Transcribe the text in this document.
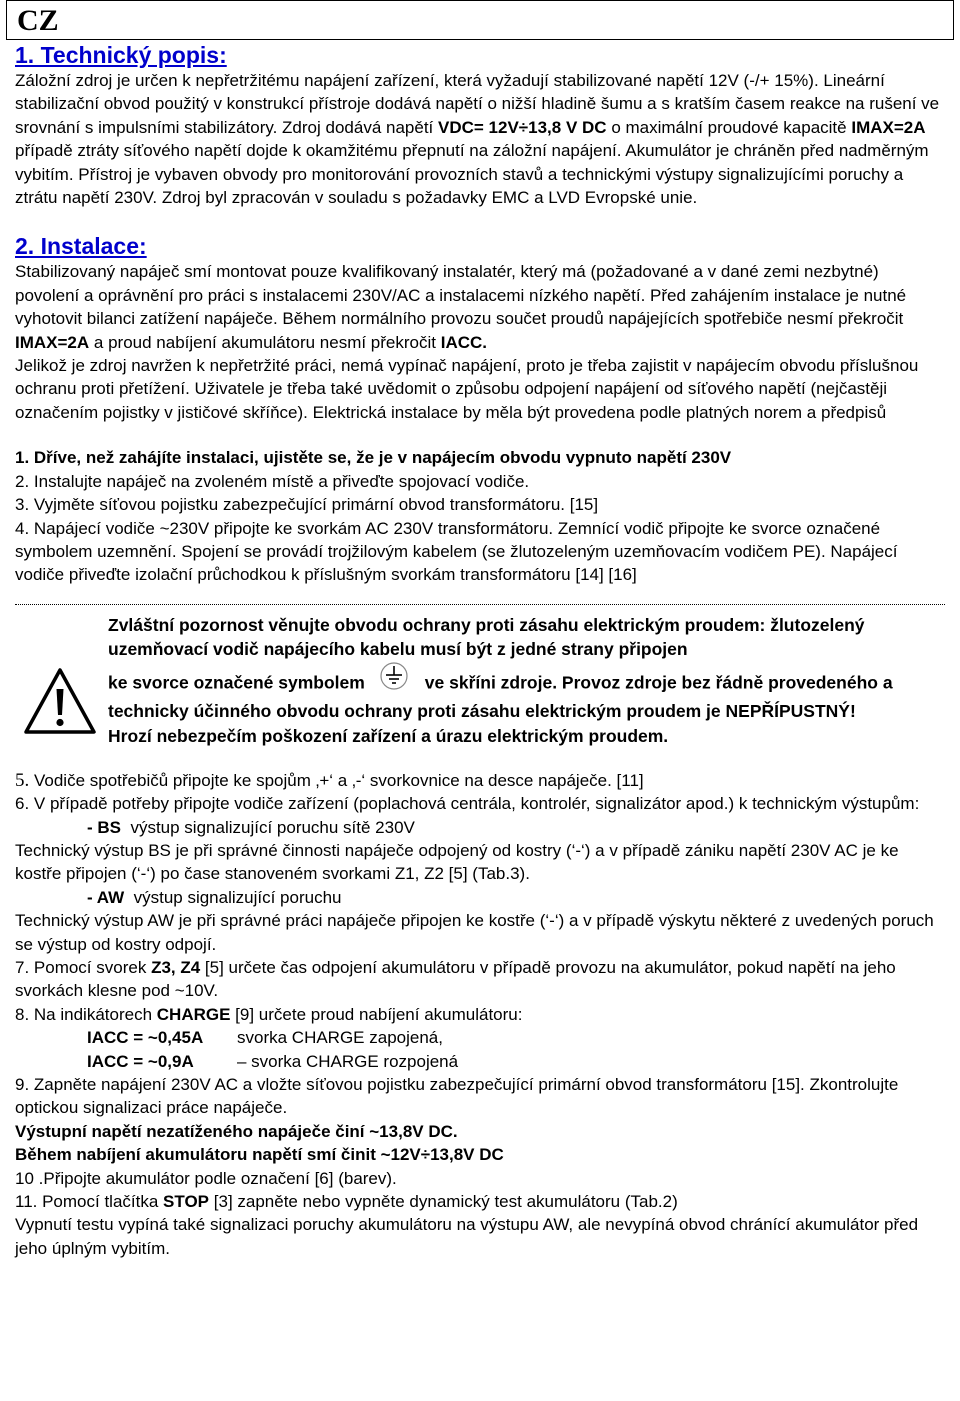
CZ
1. Technický popis:

Záložní zdroj je určen k nepřetržitému napájení zařízení, která vyžadují stabilizované napětí 12V (-/+ 15%). Lineární stabilizační obvod použitý v konstrukcí přístroje dodává napětí o nižší hladině šumu a s kratším časem reakce na rušení ve srovnání s impulsními stabilizátory. Zdroj dodává napětí VDC= 12V÷13,8 V DC o maximální proudové kapacitě IMAX=2A případě ztráty síťového napětí dojde k okamžitému přepnutí na záložní napájení. Akumulátor je chráněn před nadměrným vybitím. Přístroj je vybaven obvody pro monitorování provozních stavů a technickými výstupy signalizujícími poruchy a ztrátu napětí 230V. Zdroj byl zpracován v souladu s požadavky EMC a LVD Evropské unie.

2. Instalace:

Stabilizovaný napáječ smí montovat pouze kvalifikovaný instalatér, který má (požadované a v dané zemi nezbytné) povolení a oprávnění pro práci s instalacemi 230V/AC a instalacemi nízkého napětí. Před zahájením instalace je nutné vyhotovit bilanci zatížení napáječe. Během normálního provozu součet proudů napájejících spotřebiče nesmí překročit IMAX=2A a proud nabíjení akumulátoru nesmí překročit IACC.

Jelikož je zdroj navržen k nepřetržité práci, nemá vypínač napájení, proto je třeba zajistit v napájecím obvodu příslušnou ochranu proti přetížení. Uživatele je třeba také uvědomit o způsobu odpojení napájení od síťového napětí (nejčastěji označením pojistky v jističové skříňce). Elektrická instalace by měla být provedena podle platných norem a předpisů

1. Dříve, než zahájíte instalaci, ujistěte se, že je v napájecím obvodu vypnuto napětí 230V

2. Instalujte napáječ na zvoleném místě a přiveďte spojovací vodiče.

3. Vyjměte síťovou pojistku zabezpečující primární obvod transformátoru. [15]

4. Napájecí vodiče ~230V připojte ke svorkám AC 230V transformátoru. Zemnící vodič připojte ke svorce označené symbolem uzemnění. Spojení se provádí trojžilovým kabelem (se žlutozeleným uzemňovacím vodičem PE). Napájecí vodiče přiveďte izolační průchodkou k příslušným svorkám transformátoru [14] [16]

Zvláštní pozornost věnujte obvodu ochrany proti zásahu elektrickým proudem: žlutozelený uzemňovací vodič napájecího kabelu musí být z jedné strany připojen
ke svorce označené symbolem	ve skříni zdroje. Provoz zdroje bez řádně provedeného a technicky účinného obvodu ochrany proti zásahu elektrickým proudem je NEPŘÍPUSTNÝ!
Hrozí nebezpečím poškození zařízení a úrazu elektrickým proudem.

5. Vodiče spotřebičů připojte ke spojům ‚+‘ a ‚-‘ svorkovnice na desce napáječe. [11]

6. V případě potřeby připojte vodiče zařízení (poplachová centrála, kontrolér, signalizátor apod.) k technickým výstupům:

- BS výstup signalizující poruchu sítě 230V

Technický výstup BS je při správné činnosti napáječe odpojený od kostry (‘-‘) a v případě zániku napětí 230V AC je ke kostře připojen (‘-‘) po čase stanoveném svorkami Z1, Z2 [5] (Tab.3).

- AW výstup signalizující poruchu

Technický výstup AW je při správné práci napáječe připojen ke kostře (‘-‘) a v případě výskytu některé z uvedených poruch se výstup od kostry odpojí.

7. Pomocí svorek Z3, Z4 [5] určete čas odpojení akumulátoru v případě provozu na akumulátor, pokud napětí na jeho svorkách klesne pod ~10V.

8. Na indikátorech CHARGE [9] určete proud nabíjení akumulátoru:

IACC = ~0,45A svorka CHARGE zapojená,

IACC = ~0,9A	– svorka CHARGE rozpojená

9. Zapněte napájení 230V AC a vložte síťovou pojistku zabezpečující primární obvod transformátoru [15]. Zkontrolujte optickou signalizaci práce napáječe.

Výstupní napětí nezatíženého napáječe činí ~13,8V DC.

Během nabíjení akumulátoru napětí smí činit ~12V÷13,8V DC

10 .Připojte akumulátor podle označení [6] (barev).

11. Pomocí tlačítka STOP [3] zapněte nebo vypněte dynamický test akumulátoru (Tab.2)

Vypnutí testu vypíná také signalizaci poruchy akumulátoru na výstupu AW, ale nevypíná obvod chránící akumulátor před jeho úplným vybitím.
